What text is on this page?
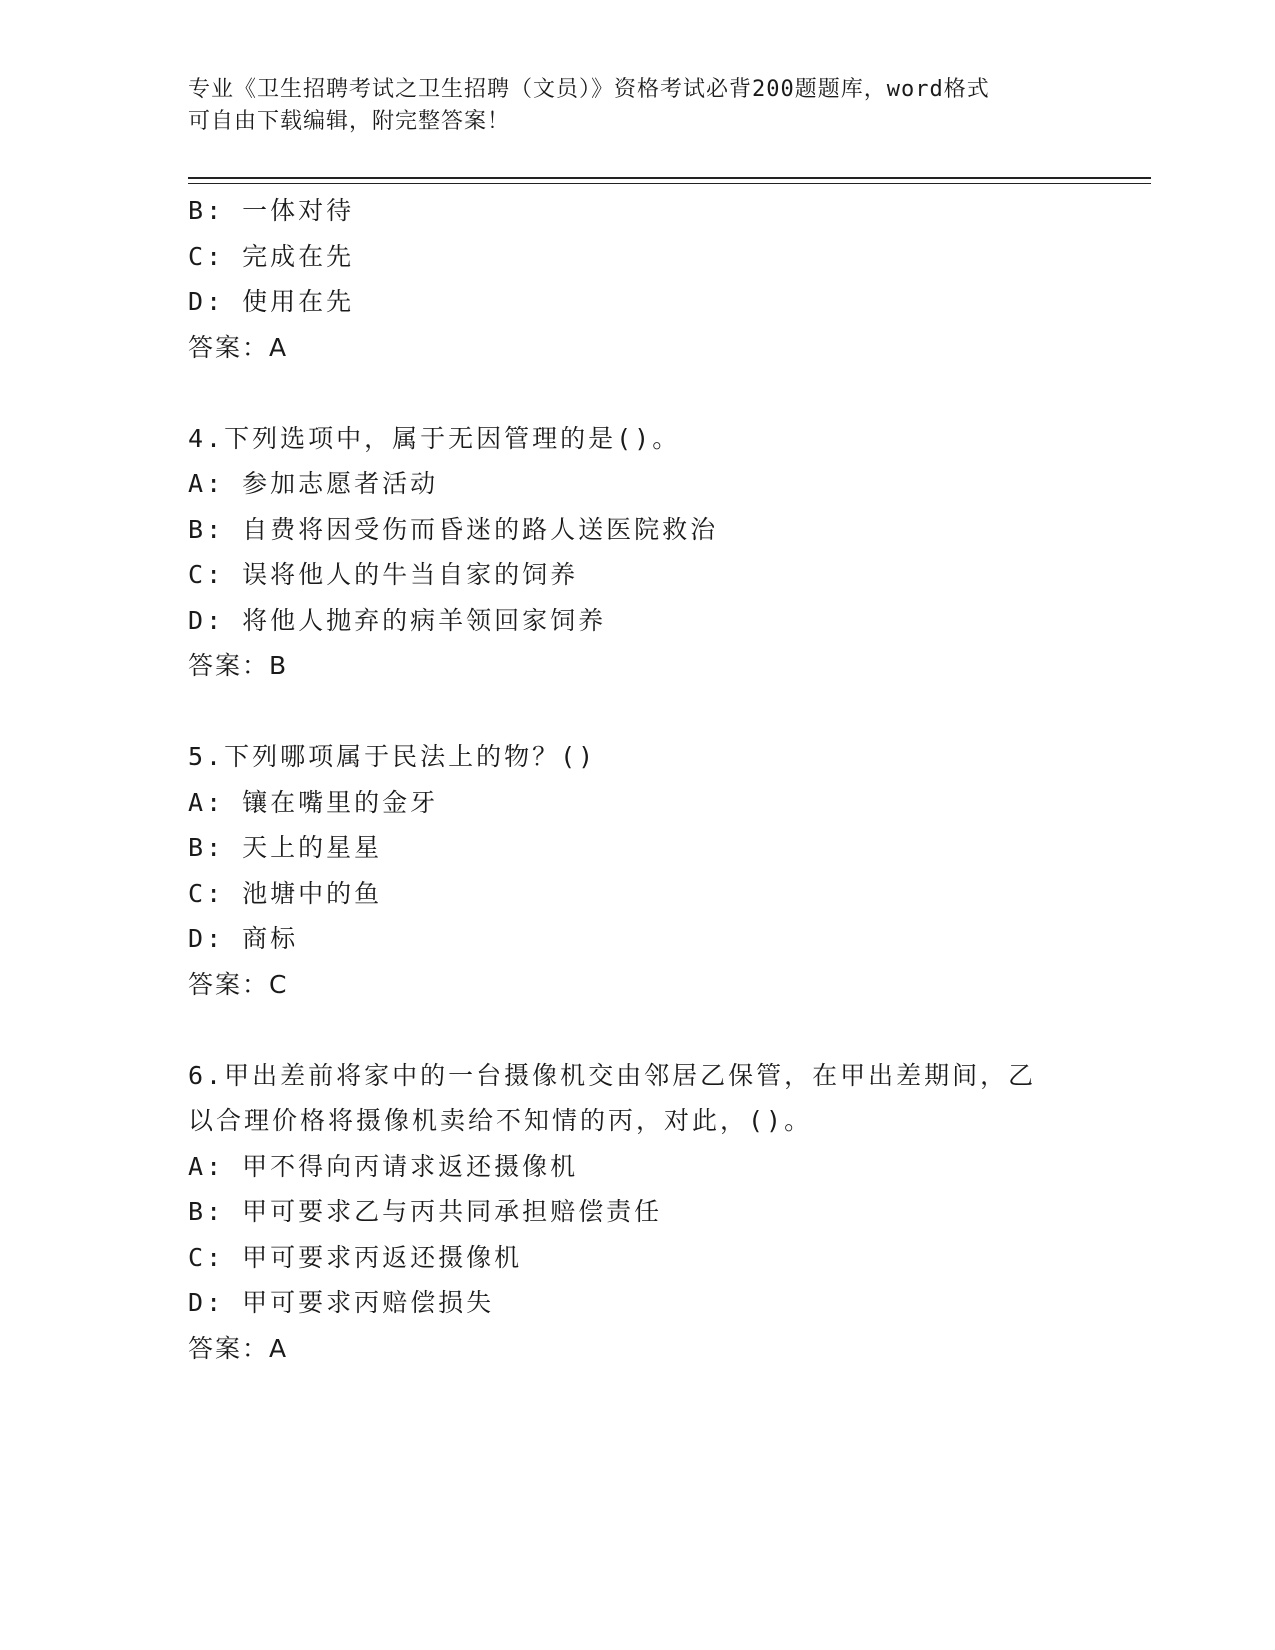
专业《卫生招聘考试之卫生招聘（文员）》资格考试必背200题题库，word格式
可自由下载编辑，附完整答案！
B: 一体对待
C: 完成在先
D: 使用在先
答案：A
4.下列选项中，属于无因管理的是()。
A: 参加志愿者活动
B: 自费将因受伤而昏迷的路人送医院救治
C: 误将他人的牛当自家的饲养
D: 将他人抛弃的病羊领回家饲养
答案：B
5.下列哪项属于民法上的物？()
A: 镶在嘴里的金牙
B: 天上的星星
C: 池塘中的鱼
D: 商标
答案：C
6.甲出差前将家中的一台摄像机交由邻居乙保管，在甲出差期间，乙
以合理价格将摄像机卖给不知情的丙，对此，()。
A: 甲不得向丙请求返还摄像机
B: 甲可要求乙与丙共同承担赔偿责任
C: 甲可要求丙返还摄像机
D: 甲可要求丙赔偿损失
答案：A
